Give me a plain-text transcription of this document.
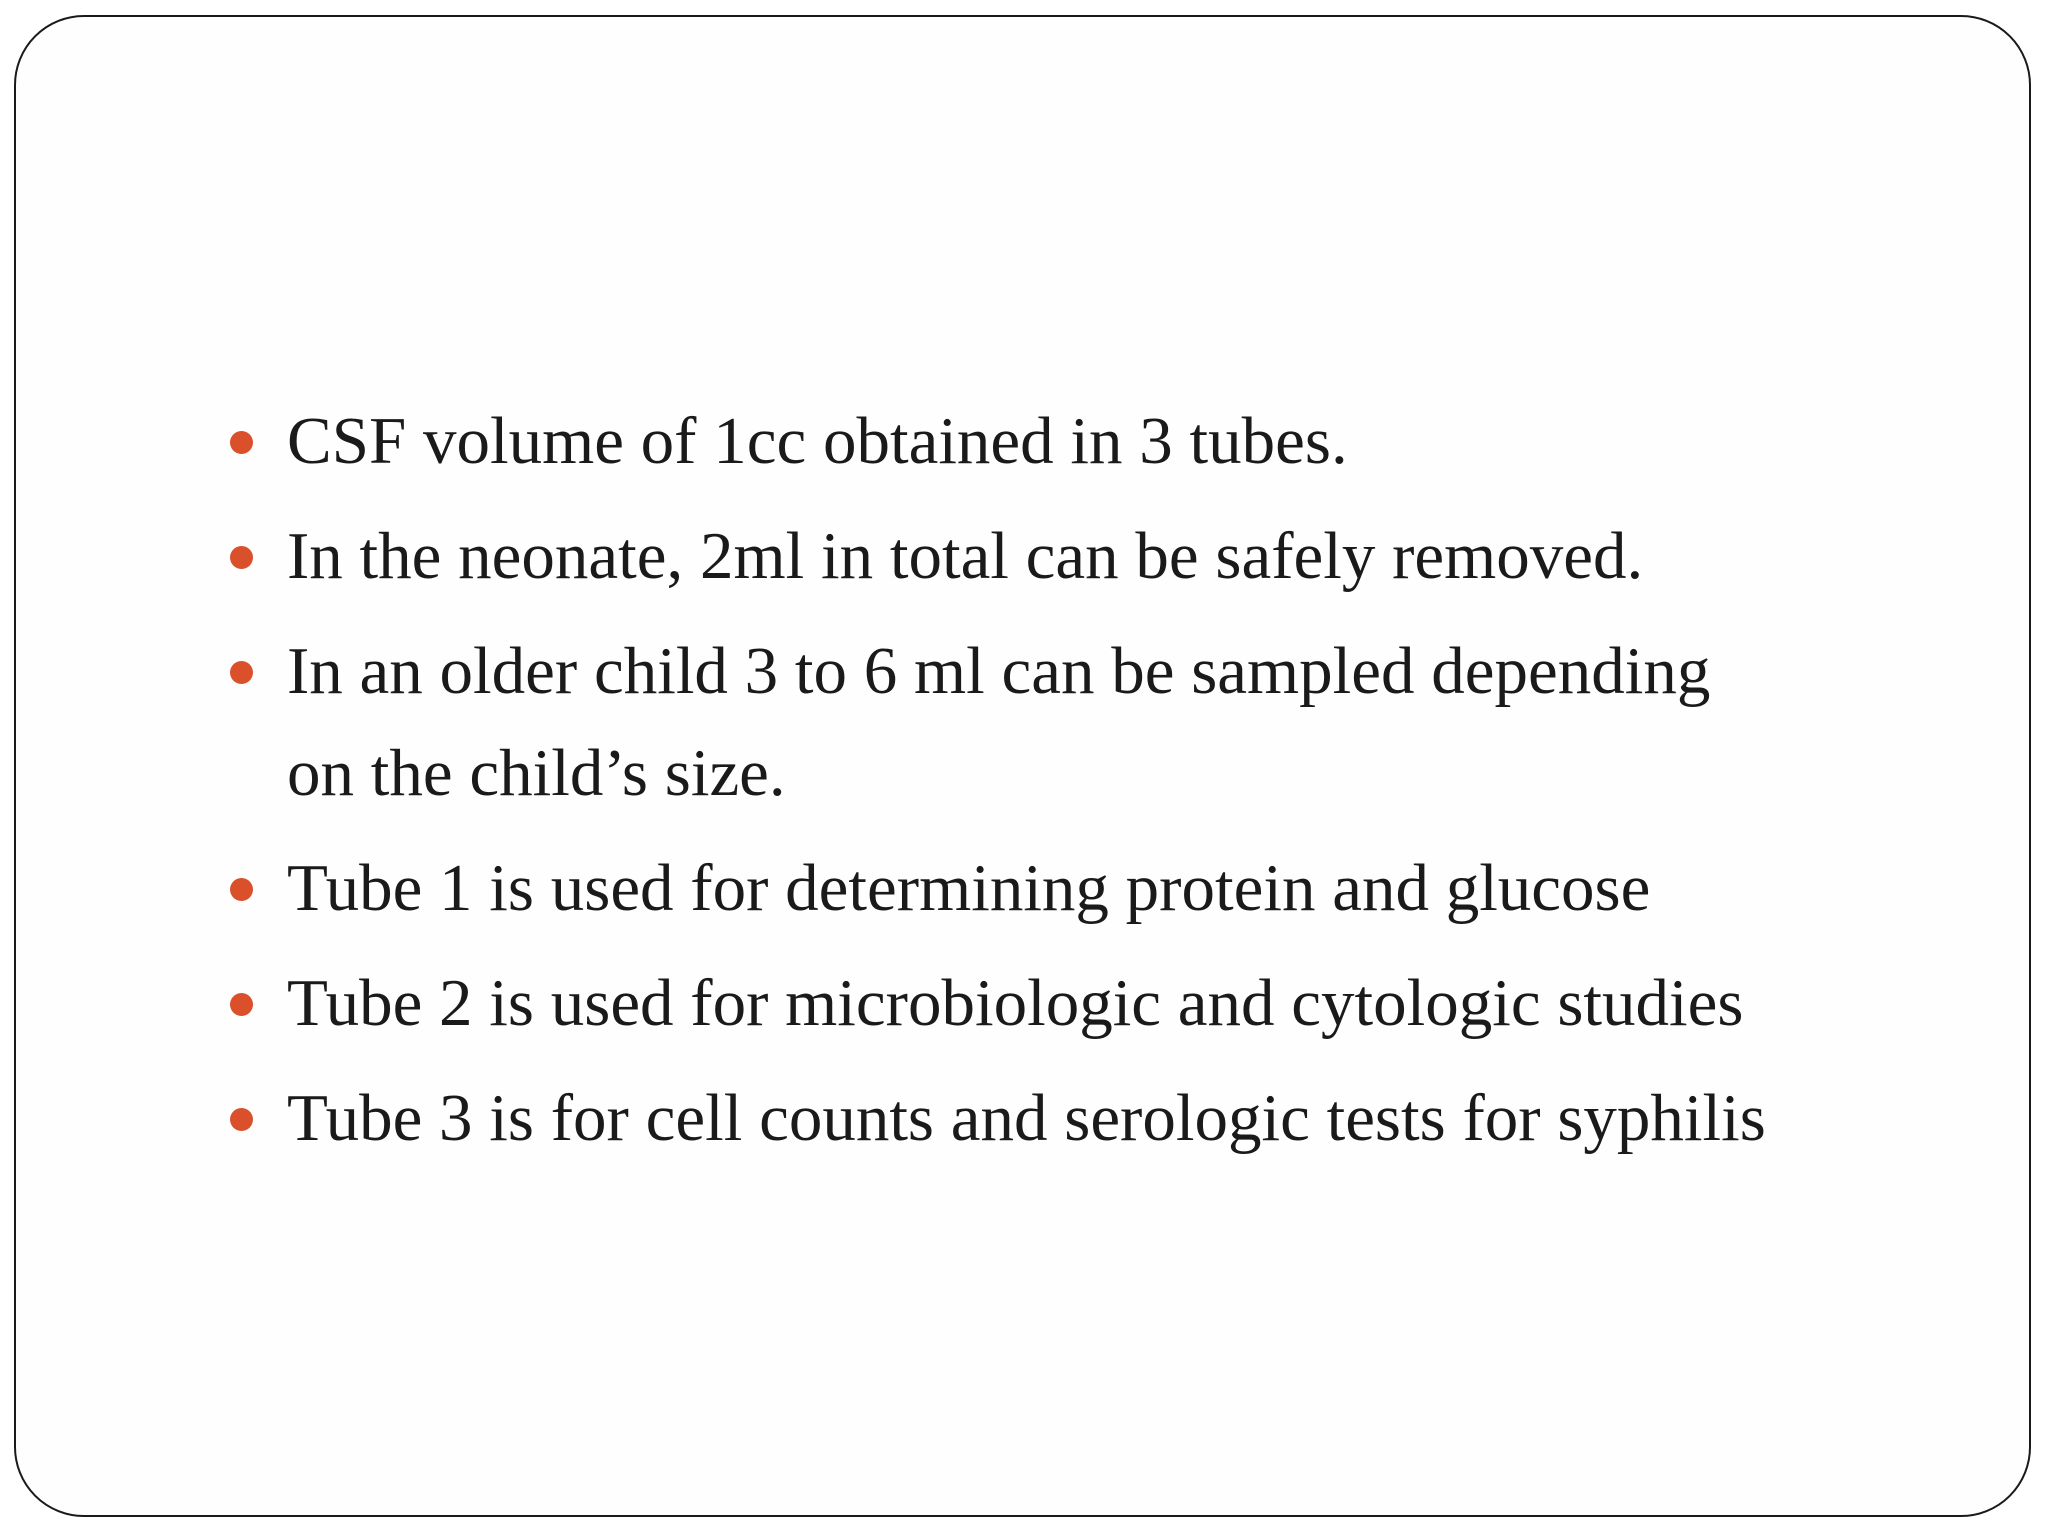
CSF volume of 1cc obtained in 3 tubes.
In the neonate, 2ml in total can be safely removed.
In an older child 3 to 6 ml can be sampled depending
on the child’s size.
Tube 1 is used for determining protein and glucose
Tube 2 is used for microbiologic and cytologic studies
Tube 3 is for cell counts and serologic tests for syphilis
